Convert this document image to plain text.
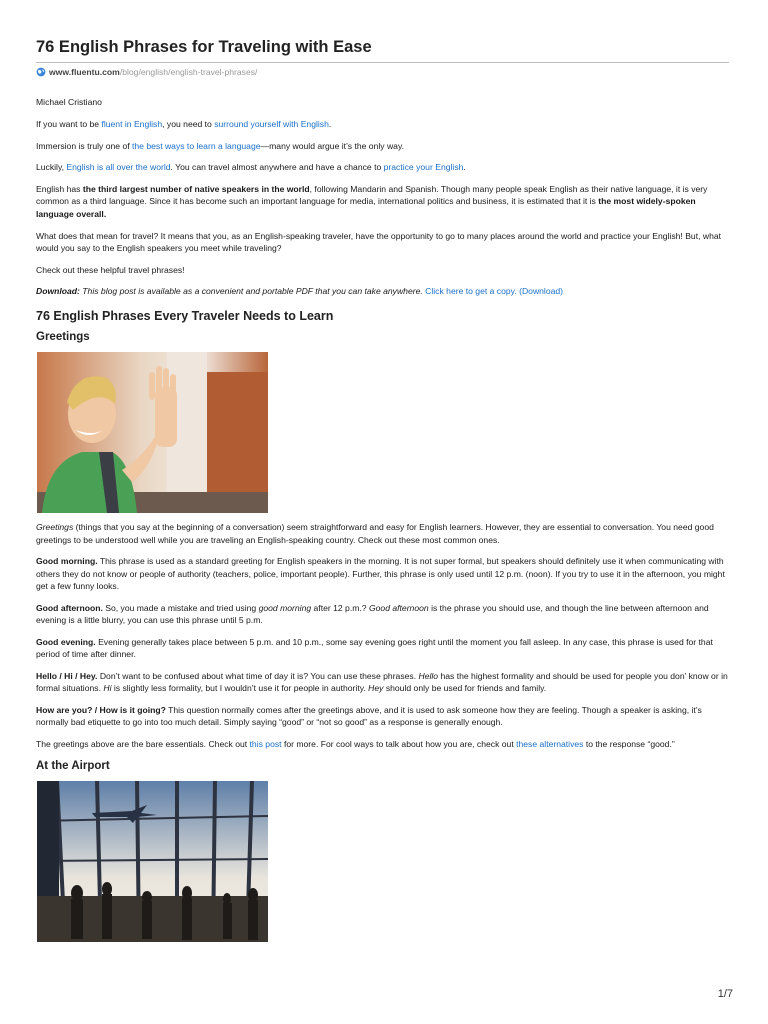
76 English Phrases for Traveling with Ease
www.fluentu.com /blog/english/english-travel-phrases/

Michael Cristiano

If you want to be fluent in English, you need to surround yourself with English.

Immersion is truly one of the best ways to learn a language—many would argue it’s the only way.

Luckily, English is all over the world. You can travel almost anywhere and have a chance to practice your English.

English has the third largest number of native speakers in the world, following Mandarin and Spanish. Though many people speak English as their native language, it is very common as a third language. Since it has become such an important language for media, international politics and business, it is estimated that it is the most widely-spoken language overall.

What does that mean for travel? It means that you, as an English-speaking traveler, have the opportunity to go to many places around the world and practice your English! But, what would you say to the English speakers you meet while traveling?

Check out these helpful travel phrases!

Download: This blog post is available as a convenient and portable PDF that you can take anywhere. Click here to get a copy. (Download)

76 English Phrases Every Traveler Needs to Learn
Greetings

Greetings (things that you say at the beginning of a conversation) seem straightforward and easy for English learners. However, they are essential to conversation. You need good greetings to be understood well while you are traveling an English-speaking country. Check out these most common ones.

Good morning. This phrase is used as a standard greeting for English speakers in the morning. It is not super formal, but speakers should definitely use it when communicating with others they do not know or people of authority (teachers, police, important people). Further, this phrase is only used until 12 p.m. (noon). If you try to use it in the afternoon, you might get a few funny looks.

Good afternoon. So, you made a mistake and tried using good morning after 12 p.m.? Good afternoon is the phrase you should use, and though the line between afternoon and evening is a little blurry, you can use this phrase until 5 p.m.

Good evening. Evening generally takes place between 5 p.m. and 10 p.m., some say evening goes right until the moment you fall asleep. In any case, this phrase is used for that period of time after dinner.

Hello / Hi / Hey. Don’t want to be confused about what time of day it is? You can use these phrases. Hello has the highest formality and should be used for people you don’ know or in formal situations. Hi is slightly less formality, but I wouldn’t use it for people in authority. Hey should only be used for friends and family.

How are you? / How is it going? This question normally comes after the greetings above, and it is used to ask someone how they are feeling. Though a speaker is asking, it’s normally bad etiquette to go into too much detail. Simply saying “good” or “not so good” as a response is generally enough.

The greetings above are the bare essentials. Check out this post for more. For cool ways to talk about how you are, check out these alternatives to the response “good.”

At the Airport
1/7
